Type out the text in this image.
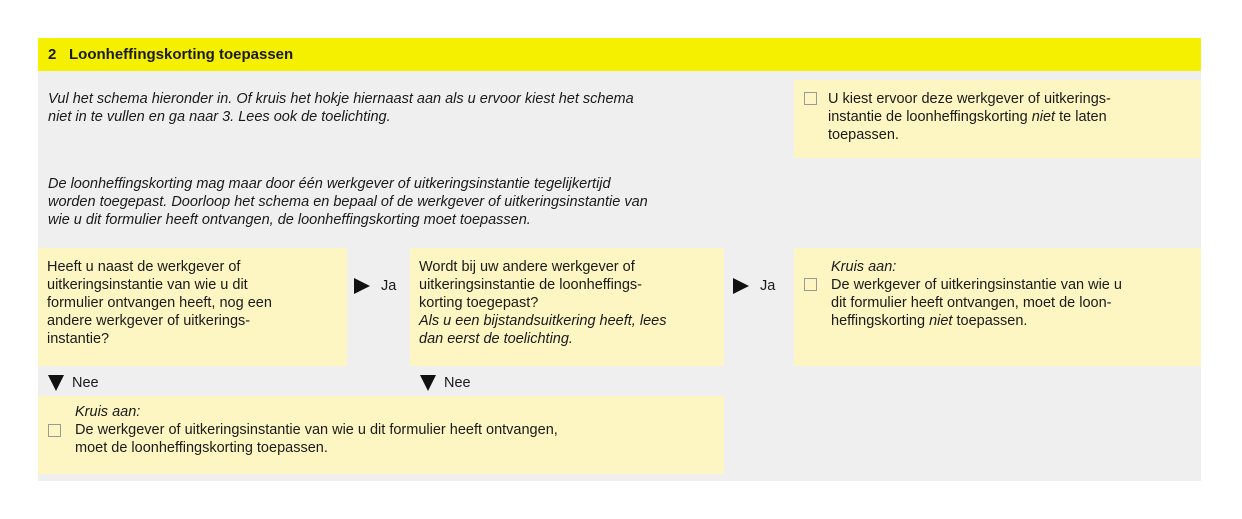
2 Loonheffingskorting toepassen
Vul het schema hieronder in. Of kruis het hokje hiernaast aan als u ervoor kiest het schema
niet in te vullen en ga naar 3. Lees ook de toelichting.
U kiest ervoor deze werkgever of uitkerings-
instantie de loonheffingskorting niet te laten
toepassen.
De loonheffingskorting mag maar door één werkgever of uitkeringsinstantie tegelijkertijd
worden toegepast. Doorloop het schema en bepaal of de werkgever of uitkeringsinstantie van
wie u dit formulier heeft ontvangen, de loonheffingskorting moet toepassen.
Heeft u naast de werkgever of
uitkeringsinstantie van wie u dit
formulier ontvangen heeft, nog een
andere werkgever of uitkerings-
instantie?
Ja
Wordt bij uw andere werkgever of
uitkeringsinstantie de loonheffings-
korting toegepast?
Als u een bijstandsuitkering heeft, lees
dan eerst de toelichting.
Ja
Kruis aan:
De werkgever of uitkeringsinstantie van wie u
dit formulier heeft ontvangen, moet de loon-
heffingskorting niet toepassen.
Nee	Nee
Kruis aan:
De werkgever of uitkeringsinstantie van wie u dit formulier heeft ontvangen,
moet de loonheffingskorting toepassen.
